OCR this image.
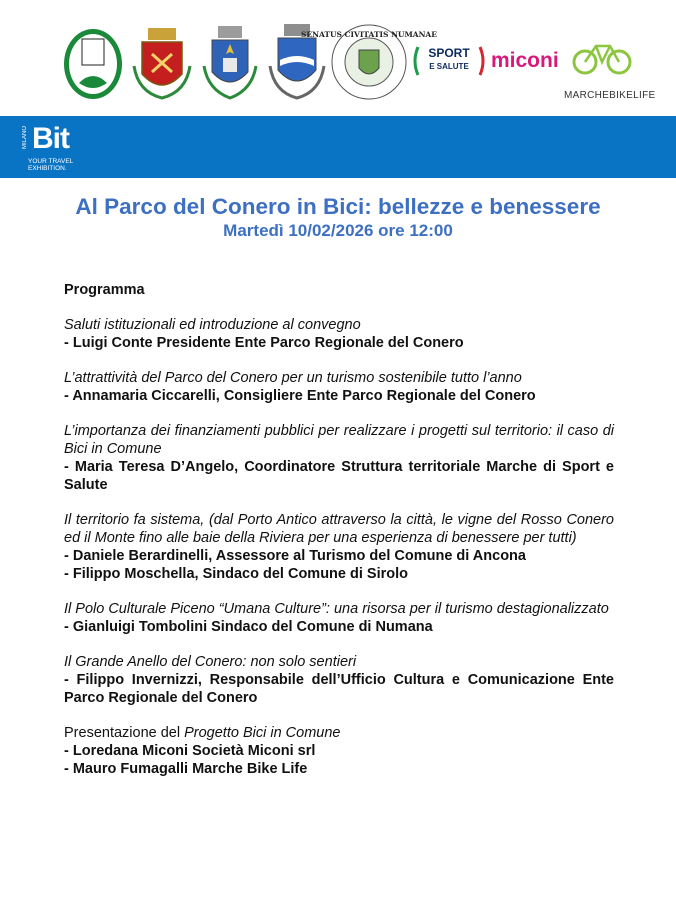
SENATUS CIVITATIS NUMANAE
SPORT
E SALUTE miconi
MARCHEBIKELIFE
MILANO Bit
YOUR TRAVEL
EXHIBITION.
Al Parco del Conero in Bici: bellezze e benessere
Martedì 10/02/2026 ore 12:00

Programma

Saluti istituzionali ed introduzione al convegno

- Luigi Conte Presidente Ente Parco Regionale del Conero

L’attrattività del Parco del Conero per un turismo sostenibile tutto l’anno

- Annamaria Ciccarelli, Consigliere Ente Parco Regionale del Conero

L’importanza dei finanziamenti pubblici per realizzare i progetti sul territorio: il caso di Bici in Comune

- Maria Teresa D’Angelo, Coordinatore Struttura territoriale Marche di Sport e Salute

Il territorio fa sistema, (dal Porto Antico attraverso la città, le vigne del Rosso Conero ed il Monte fino alle baie della Riviera per una esperienza di benessere per tutti)

- Daniele Berardinelli, Assessore al Turismo del Comune di Ancona

- Filippo Moschella, Sindaco del Comune di Sirolo

Il Polo Culturale Piceno “Umana Culture”: una risorsa per il turismo destagionalizzato

- Gianluigi Tombolini Sindaco del Comune di Numana

Il Grande Anello del Conero: non solo sentieri

- Filippo Invernizzi, Responsabile dell’Ufficio Cultura e Comunicazione Ente Parco Regionale del Conero

Presentazione del Progetto Bici in Comune

- Loredana Miconi Società Miconi srl

- Mauro Fumagalli Marche Bike Life
